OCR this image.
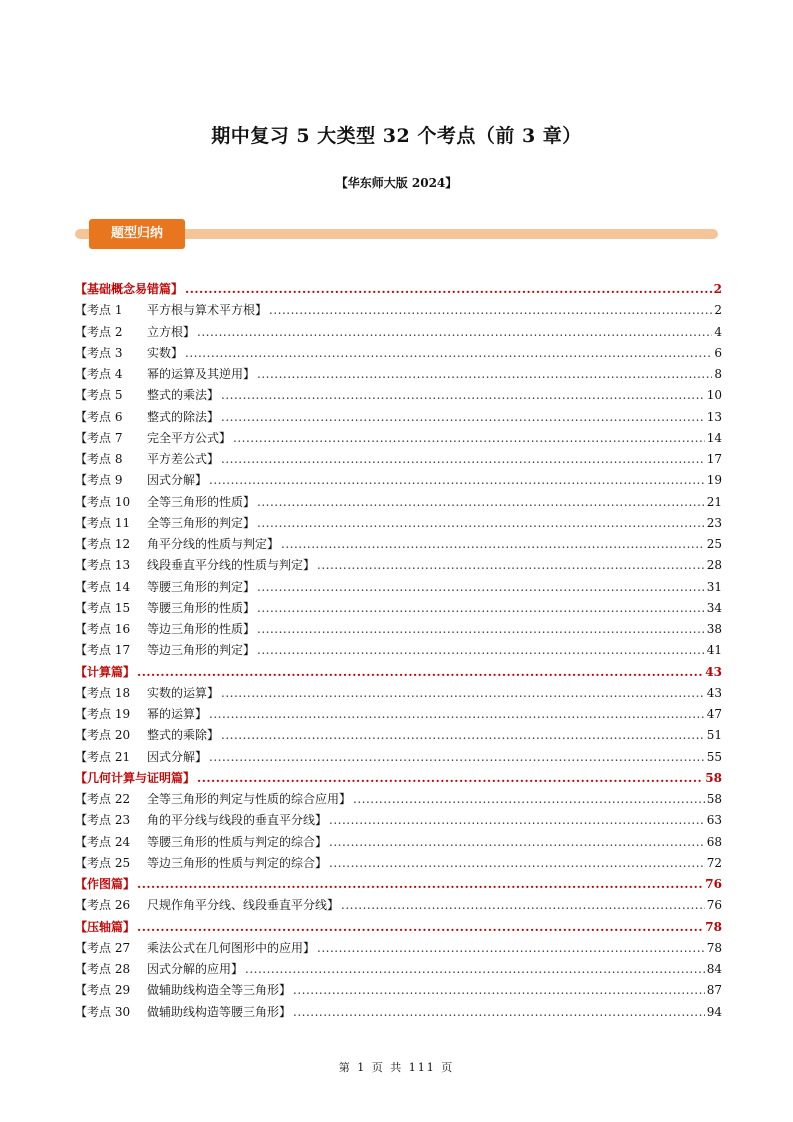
期中复习 5 大类型 32 个考点（前 3 章）
【华东师大版 2024】
题型归纳
【基础概念易错篇】 .....	2
【考点 1 平方根与算术平方根】 .....	2
【考点 2 立方根】 .....	4
【考点 3 实数】 .....	6
【考点 4 幂的运算及其逆用】 .....	8
【考点 5 整式的乘法】 .....	10
【考点 6 整式的除法】 .....	13
【考点 7 完全平方公式】 .....	14
【考点 8 平方差公式】 .....	17
【考点 9 因式分解】 .....	19
【考点 10 全等三角形的性质】 .....	21
【考点 11 全等三角形的判定】 .....	23
【考点 12 角平分线的性质与判定】 .....	25
【考点 13 线段垂直平分线的性质与判定】 .....	28
【考点 14 等腰三角形的判定】 .....	31
【考点 15 等腰三角形的性质】 .....	34
【考点 16 等边三角形的性质】 .....	38
【考点 17 等边三角形的判定】 .....	41
【计算篇】 .....	43
【考点 18 实数的运算】 .....	43
【考点 19 幂的运算】 .....	47
【考点 20 整式的乘除】 .....	51
【考点 21 因式分解】 .....	55
【几何计算与证明篇】 .....	58
【考点 22 全等三角形的判定与性质的综合应用】 .....	58
【考点 23 角的平分线与线段的垂直平分线】 .....	63
【考点 24 等腰三角形的性质与判定的综合】 .....	68
【考点 25 等边三角形的性质与判定的综合】 .....	72
【作图篇】 .....	76
【考点 26 尺规作角平分线、线段垂直平分线】 .....	76
【压轴篇】 .....	78
【考点 27 乘法公式在几何图形中的应用】 .....	78
【考点 28 因式分解的应用】 .....	84
【考点 29 做辅助线构造全等三角形】 .....	87
【考点 30 做辅助线构造等腰三角形】 .....	94
第 1 页 共 111 页
